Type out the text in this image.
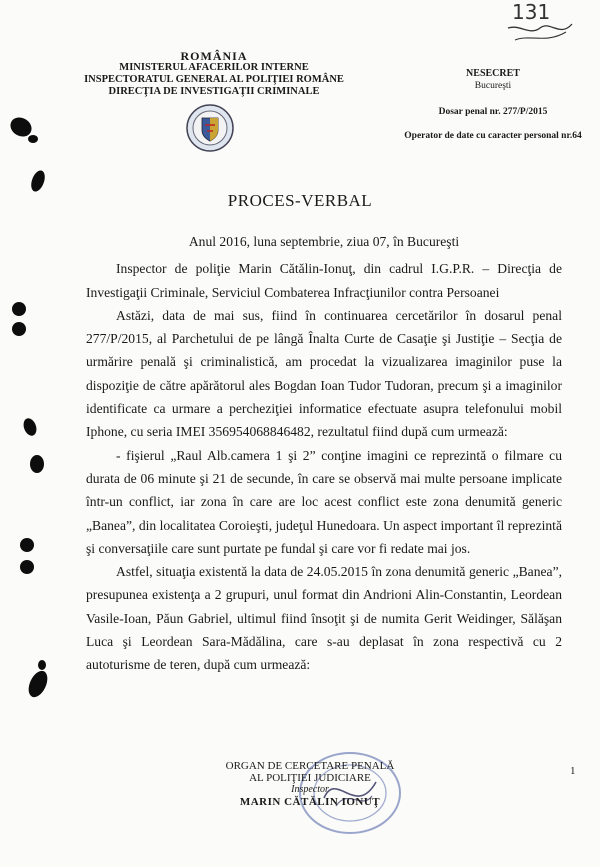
131
ROMÂNIA
MINISTERUL AFACERILOR INTERNE
INSPECTORATUL GENERAL AL POLIŢIEI ROMÂNE
DIRECŢIA DE INVESTIGAŢII CRIMINALE
NESECRET
Bucureşti
Dosar penal nr. 277/P/2015
Operator de date cu caracter personal nr.64
PROCES-VERBAL

Anul 2016, luna septembrie, ziua 07, în Bucureşti

Inspector de poliţie Marin Cătălin-Ionuţ, din cadrul I.G.P.R. – Direcţia de Investigaţii Criminale, Serviciul Combaterea Infracţiunilor contra Persoanei

Astăzi, data de mai sus, fiind în continuarea cercetărilor în dosarul penal 277/P/2015, al Parchetului de pe lângă Înalta Curte de Casaţie şi Justiţie – Secţia de urmărire penală şi criminalistică, am procedat la vizualizarea imaginilor puse la dispoziţie de către apărătorul ales Bogdan Ioan Tudor Tudoran, precum şi a imaginilor identificate ca urmare a percheziţiei informatice efectuate asupra telefonului mobil Iphone, cu seria IMEI 356954068846482, rezultatul fiind după cum urmează:

- fişierul „Raul Alb.camera 1 şi 2” conţine imagini ce reprezintă o filmare cu durata de 06 minute şi 21 de secunde, în care se observă mai multe persoane implicate într-un conflict, iar zona în care are loc acest conflict este zona denumită generic „Banea”, din localitatea Coroieşti, judeţul Hunedoara. Un aspect important îl reprezintă şi conversaţiile care sunt purtate pe fundal şi care vor fi redate mai jos.

Astfel, situaţia existentă la data de 24.05.2015 în zona denumită generic „Banea”, presupunea existenţa a 2 grupuri, unul format din Andrioni Alin-Constantin, Leordean Vasile-Ioan, Păun Gabriel, ultimul fiind însoţit şi de numita Gerit Weidinger, Sălăşan Luca şi Leordean Sara-Mădălina, care s-au deplasat în zona respectivă cu 2 autoturisme de teren, după cum urmează:

ORGAN DE CERCETARE PENALĂ
AL POLIŢIEI JUDICIARE
Inspector
MARIN CĂTĂLIN IONUŢ
1
